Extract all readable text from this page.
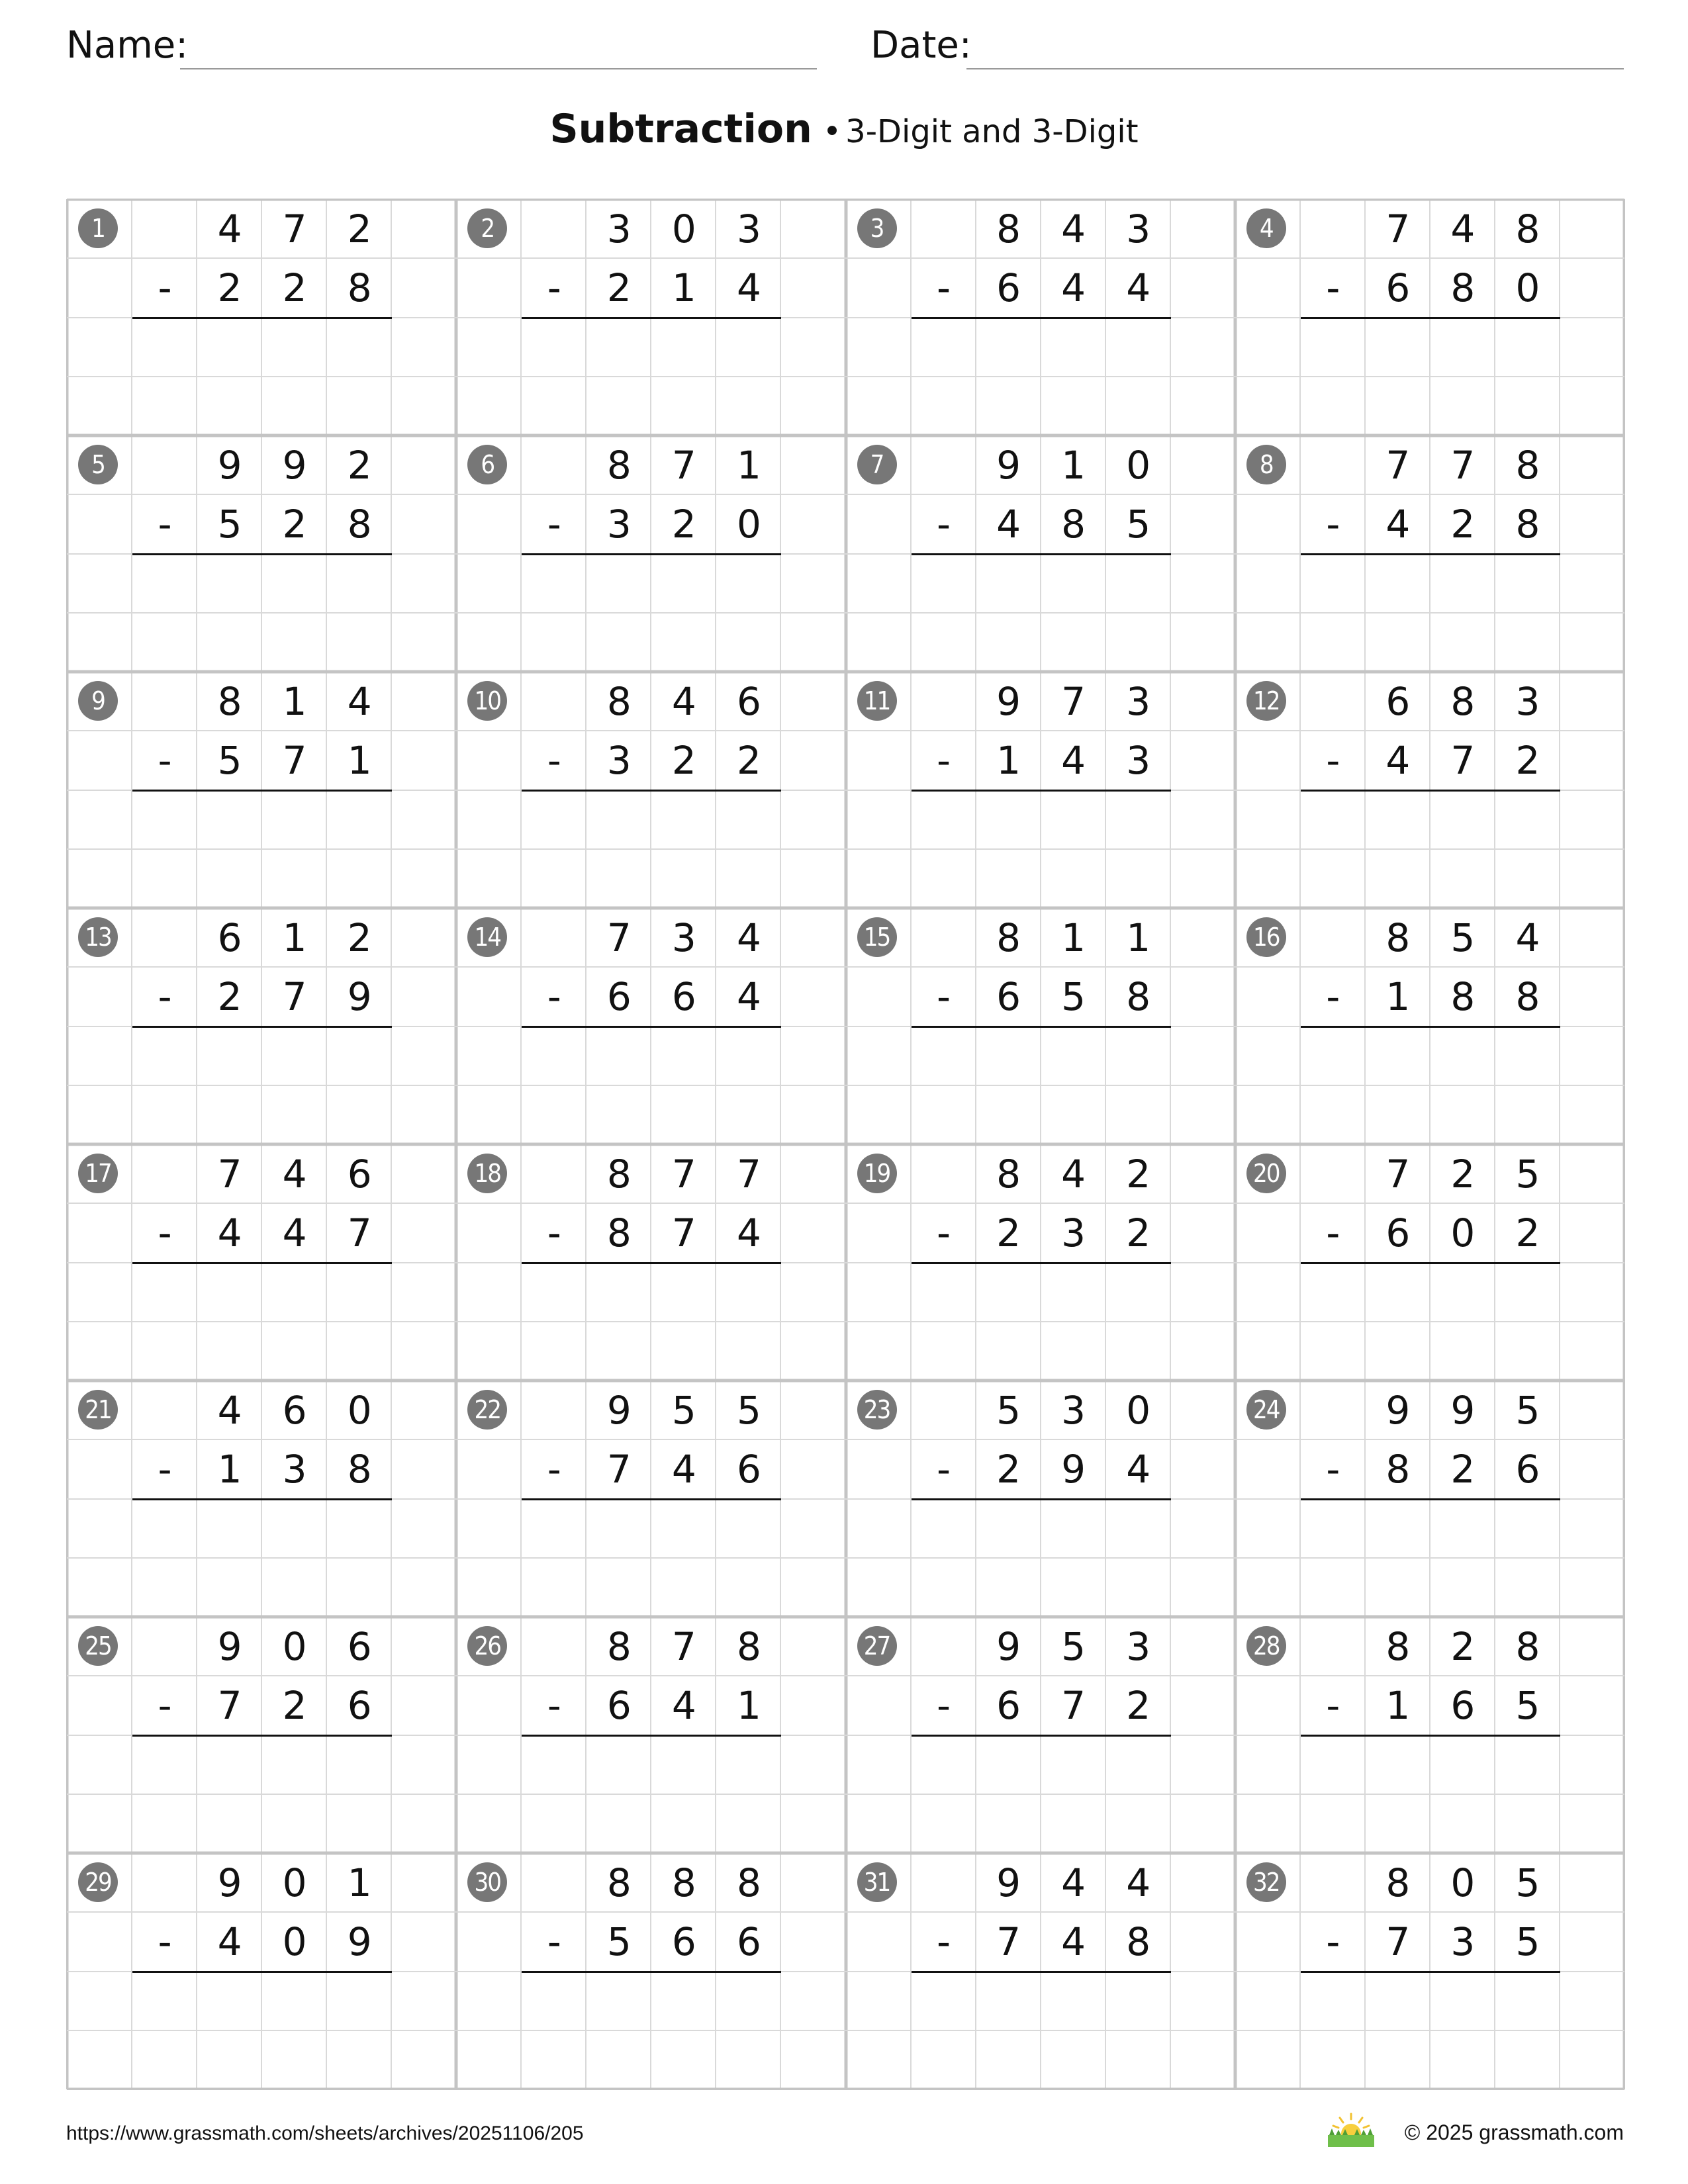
Name:	Date:
Subtraction • 3-Digit and 3-Digit
1	4	7	2
-	2	2	8
2	3	0	3
-	2	1	4
3	8	4	3
-	6	4	4
4	7	4	8
-	6	8	0
5	9	9	2
-	5	2	8
6	8	7	1
-	3	2	0
7	9	1	0
-	4	8	5
8	7	7	8
-	4	2	8
9	8	1	4
-	5	7	1
10	8	4	6
-	3	2	2
11	9	7	3
-	1	4	3
12	6	8	3
-	4	7	2
13	6	1	2
-	2	7	9
14	7	3	4
-	6	6	4
15	8	1	1
-	6	5	8
16	8	5	4
-	1	8	8
17	7	4	6
-	4	4	7
18	8	7	7
-	8	7	4
19	8	4	2
-	2	3	2
20	7	2	5
-	6	0	2
21	4	6	0
-	1	3	8
22	9	5	5
-	7	4	6
23	5	3	0
-	2	9	4
24	9	9	5
-	8	2	6
25	9	0	6
-	7	2	6
26	8	7	8
-	6	4	1
27	9	5	3
-	6	7	2
28	8	2	8
-	1	6	5
29	9	0	1
-	4	0	9
30	8	8	8
-	5	6	6
31	9	4	4
-	7	4	8
32	8	0	5
-	7	3	5
https://www.grassmath.com/sheets/archives/20251106/205	© 2025 grassmath.com
